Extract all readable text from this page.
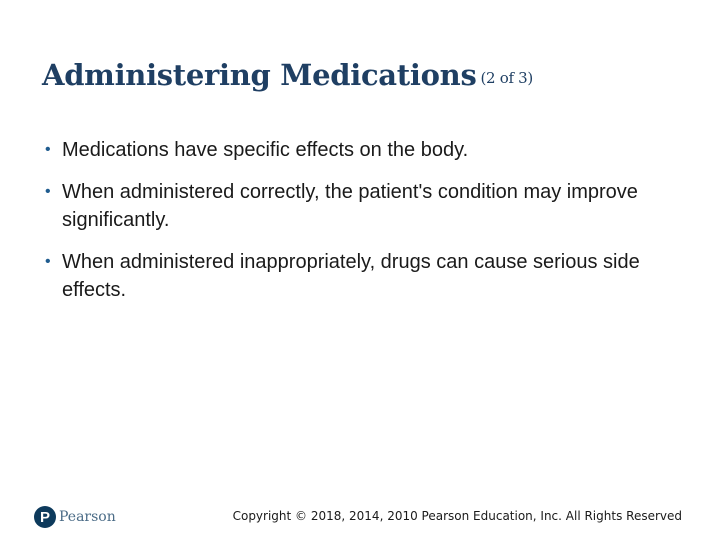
Administering Medications (2 of 3)
• Medications have specific effects on the body.
• When administered correctly, the patient's condition may improve significantly.
• When administered inappropriately, drugs can cause serious side effects.
P Pearson	Copyright © 2018, 2014, 2010 Pearson Education, Inc. All Rights Reserved
